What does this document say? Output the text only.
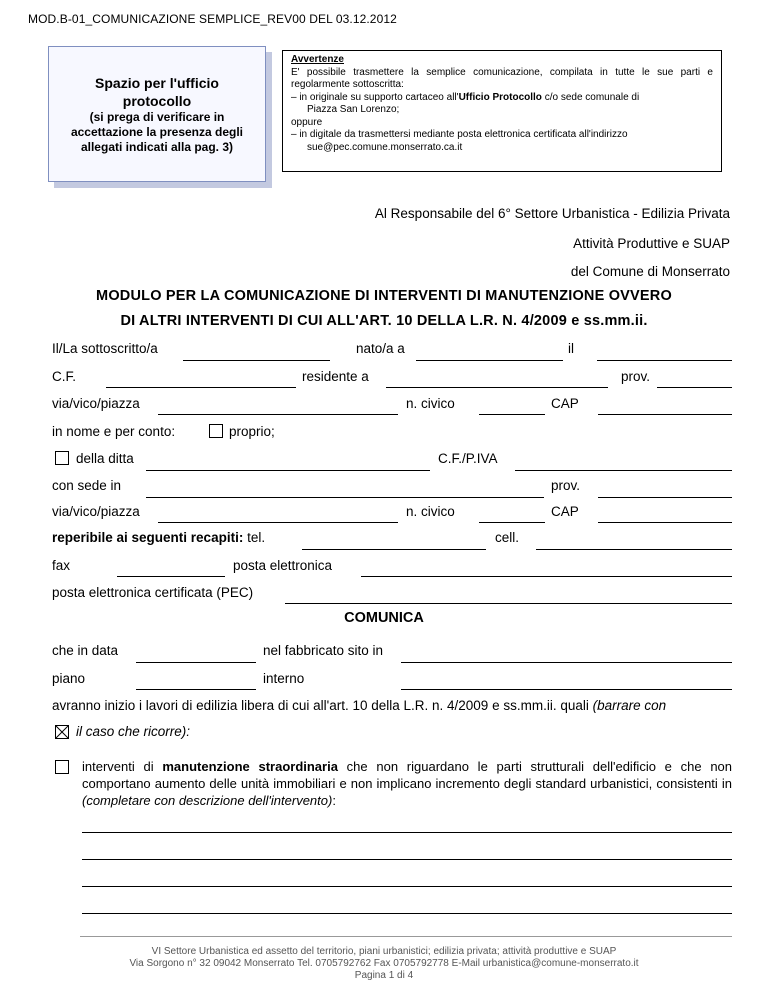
MOD.B-01_COMUNICAZIONE SEMPLICE_REV00 DEL 03.12.2012
Spazio per l'ufficio protocollo
(si prega di verificare in accettazione la presenza degli allegati indicati alla pag. 3)
Avvertenze
E' possibile trasmettere la semplice comunicazione, compilata in tutte le sue parti e regolarmente sottoscritta:
– in originale su supporto cartaceo all'Ufficio Protocollo c/o sede comunale di
Piazza San Lorenzo;
oppure
– in digitale da trasmettersi mediante posta elettronica certificata all'indirizzo
sue@pec.comune.monserrato.ca.it
Al Responsabile del 6° Settore Urbanistica - Edilizia Privata
Attività Produttive e SUAP
del Comune di Monserrato
MODULO PER LA COMUNICAZIONE DI INTERVENTI DI MANUTENZIONE OVVERO
DI ALTRI INTERVENTI DI CUI ALL'ART. 10 DELLA L.R. N. 4/2009 e ss.mm.ii.
Il/La sottoscritto/a	nato/a a	il
C.F.	residente a	prov.
via/vico/piazza	n. civico	CAP
in nome e per conto:	proprio;
della ditta	C.F./P.IVA
con sede in	prov.
via/vico/piazza	n. civico	CAP
reperibile ai seguenti recapiti: tel.	cell.
fax	posta elettronica
posta elettronica certificata (PEC)
COMUNICA
che in data	nel fabbricato sito in
piano	interno
avranno inizio i lavori di edilizia libera di cui all'art. 10 della L.R. n. 4/2009 e ss.mm.ii. quali (barrare con
il caso che ricorre):
interventi di manutenzione straordinaria che non riguardano le parti strutturali dell'edificio e che non comportano aumento delle unità immobiliari e non implicano incremento degli standard urbanistici, consistenti in (completare con descrizione dell'intervento):
VI Settore Urbanistica ed assetto del territorio, piani urbanistici; edilizia privata; attività produttive e SUAP
Via Sorgono n° 32 09042 Monserrato Tel. 0705792762 Fax 0705792778 E-Mail urbanistica@comune-monserrato.it
Pagina 1 di 4
